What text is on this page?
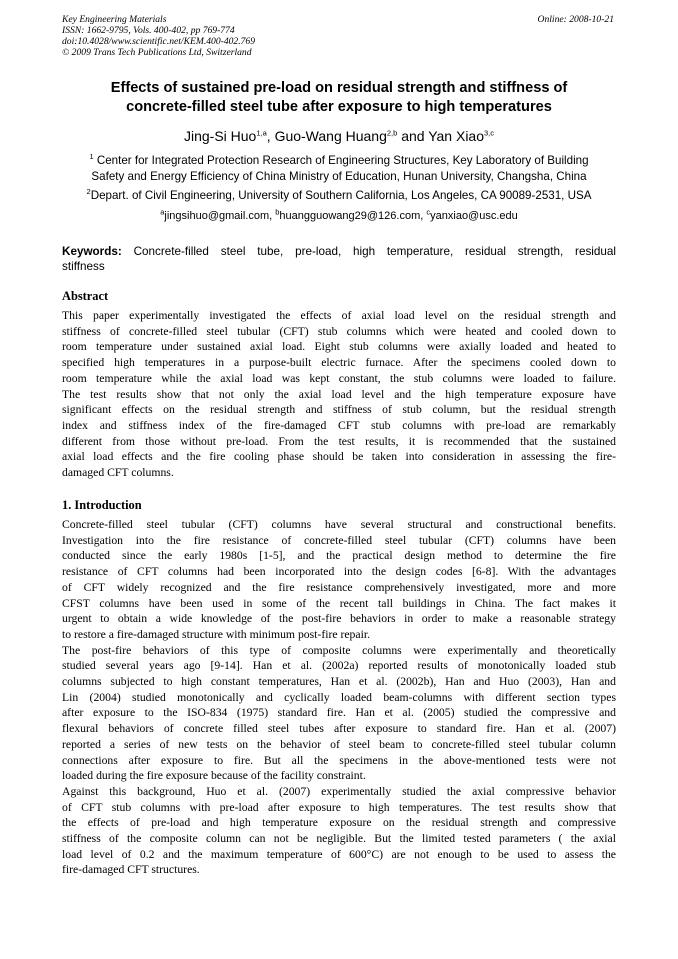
Key Engineering Materials
ISSN: 1662-9795, Vols. 400-402, pp 769-774
doi:10.4028/www.scientific.net/KEM.400-402.769
© 2009 Trans Tech Publications Ltd, Switzerland
Online: 2008-10-21
Effects of sustained pre-load on residual strength and stiffness of
concrete-filled steel tube after exposure to high temperatures
Jing-Si Huo$^{1,a}$, Guo-Wang Huang$^{2,b}$ and Yan Xiao$^{3,c}$
$^1$ Center for Integrated Protection Research of Engineering Structures, Key Laboratory of Building
Safety and Energy Efficiency of China Ministry of Education, Hunan University, Changsha, China
$^2$Depart. of Civil Engineering, University of Southern California, Los Angeles, CA 90089-2531, USA
$^a$jingsihuo@gmail.com, $^b$huangguowang29@126.com, $^c$yanxiao@usc.edu
Keywords: Concrete-filled steel tube, pre-load, high temperature, residual strength, residual
stiffness
Abstract

This paper experimentally investigated the effects of axial load level on the residual strength and
stiffness of concrete-filled steel tubular (CFT) stub columns which were heated and cooled down to
room temperature under sustained axial load. Eight stub columns were axially loaded and heated to
specified high temperatures in a purpose-built electric furnace. After the specimens cooled down to
room temperature while the axial load was kept constant, the stub columns were loaded to failure.
The test results show that not only the axial load level and the high temperature exposure have
significant effects on the residual strength and stiffness of stub column, but the residual strength
index and stiffness index of the fire-damaged CFT stub columns with pre-load are remarkably
different from those without pre-load. From the test results, it is recommended that the sustained
axial load effects and the fire cooling phase should be taken into consideration in assessing the fire-
damaged CFT columns.

1. Introduction

Concrete-filled steel tubular (CFT) columns have several structural and constructional benefits.
Investigation into the fire resistance of concrete-filled steel tubular (CFT) columns have been
conducted since the early 1980s [1-5], and the practical design method to determine the fire
resistance of CFT columns had been incorporated into the design codes [6-8]. With the advantages
of CFT widely recognized and the fire resistance comprehensively investigated, more and more
CFST columns have been used in some of the recent tall buildings in China. The fact makes it
urgent to obtain a wide knowledge of the post-fire behaviors in order to make a reasonable strategy
to restore a fire-damaged structure with minimum post-fire repair.

The post-fire behaviors of this type of composite columns were experimentally and theoretically
studied several years ago [9-14]. Han et al. (2002a) reported results of monotonically loaded stub
columns subjected to high constant temperatures, Han et al. (2002b), Han and Huo (2003), Han and
Lin (2004) studied monotonically and cyclically loaded beam-columns with different section types
after exposure to the ISO-834 (1975) standard fire. Han et al. (2005) studied the compressive and
flexural behaviors of concrete filled steel tubes after exposure to standard fire. Han et al. (2007)
reported a series of new tests on the behavior of steel beam to concrete-filled steel tubular column
connections after exposure to fire. But all the specimens in the above-mentioned tests were not
loaded during the fire exposure because of the facility constraint.

Against this background, Huo et al. (2007) experimentally studied the axial compressive behavior
of CFT stub columns with pre-load after exposure to high temperatures. The test results show that
the effects of pre-load and high temperature exposure on the residual strength and compressive
stiffness of the composite column can not be negligible. But the limited tested parameters ( the axial
load level of 0.2 and the maximum temperature of 600°C) are not enough to be used to assess the
fire-damaged CFT structures.
